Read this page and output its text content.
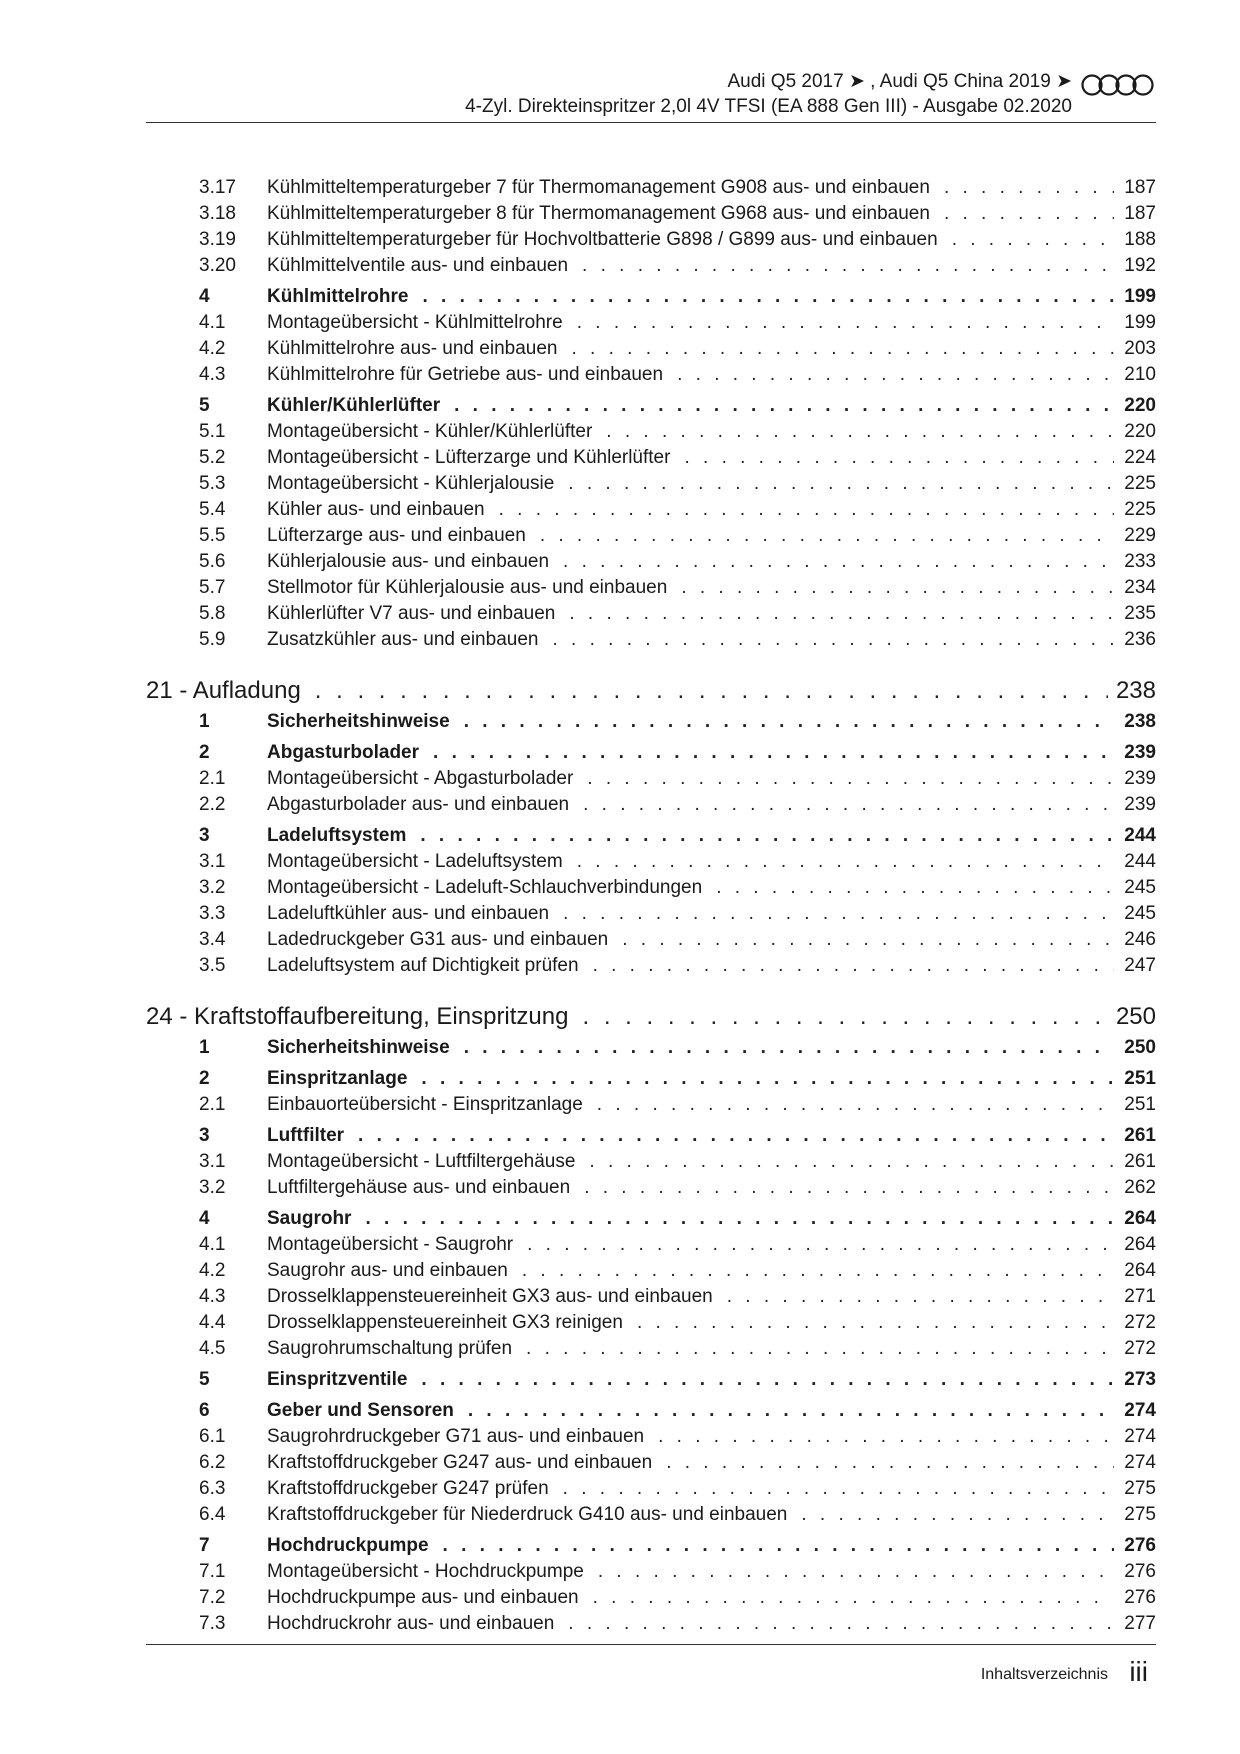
Audi Q5 2017 ➤ , Audi Q5 China 2019 ➤
4-Zyl. Direkteinspritzer 2,0l 4V TFSI (EA 888 Gen III) - Ausgabe 02.2020
3.17	Kühlmitteltemperaturgeber 7 für Thermomanagement G908 aus- und einbauen . . .	187
3.18	Kühlmitteltemperaturgeber 8 für Thermomanagement G968 aus- und einbauen . . .	187
3.19	Kühlmitteltemperaturgeber für Hochvoltbatterie G898 / G899 aus- und einbauen . . .	188
3.20	Kühlmittelventile aus- und einbauen . . .	192
4	Kühlmittelrohre . . .	199
4.1	Montageübersicht - Kühlmittelrohre . . .	199
4.2	Kühlmittelrohre aus- und einbauen . . .	203
4.3	Kühlmittelrohre für Getriebe aus- und einbauen . . .	210
5	Kühler/Kühlerlüfter . . .	220
5.1	Montageübersicht - Kühler/Kühlerlüfter . . .	220
5.2	Montageübersicht - Lüfterzarge und Kühlerlüfter . . .	224
5.3	Montageübersicht - Kühlerjalousie . . .	225
5.4	Kühler aus- und einbauen . . .	225
5.5	Lüfterzarge aus- und einbauen . . .	229
5.6	Kühlerjalousie aus- und einbauen . . .	233
5.7	Stellmotor für Kühlerjalousie aus- und einbauen . . .	234
5.8	Kühlerlüfter V7 aus- und einbauen . . .	235
5.9	Zusatzkühler aus- und einbauen . . .	236
21 - Aufladung . . .	238
1	Sicherheitshinweise . . .	238
2	Abgasturbolader . . .	239
2.1	Montageübersicht - Abgasturbolader . . .	239
2.2	Abgasturbolader aus- und einbauen . . .	239
3	Ladeluftsystem . . .	244
3.1	Montageübersicht - Ladeluftsystem . . .	244
3.2	Montageübersicht - Ladeluft-Schlauchverbindungen . . .	245
3.3	Ladeluftkühler aus- und einbauen . . .	245
3.4	Ladedruckgeber G31 aus- und einbauen . . .	246
3.5	Ladeluftsystem auf Dichtigkeit prüfen . . .	247
24 - Kraftstoffaufbereitung, Einspritzung . . .	250
1	Sicherheitshinweise . . .	250
2	Einspritzanlage . . .	251
2.1	Einbauorteübersicht - Einspritzanlage . . .	251
3	Luftfilter . . .	261
3.1	Montageübersicht - Luftfiltergehäuse . . .	261
3.2	Luftfiltergehäuse aus- und einbauen . . .	262
4	Saugrohr . . .	264
4.1	Montageübersicht - Saugrohr . . .	264
4.2	Saugrohr aus- und einbauen . . .	264
4.3	Drosselklappensteuereinheit GX3 aus- und einbauen . . .	271
4.4	Drosselklappensteuereinheit GX3 reinigen . . .	272
4.5	Saugrohrumschaltung prüfen . . .	272
5	Einspritzventile . . .	273
6	Geber und Sensoren . . .	274
6.1	Saugrohrdruckgeber G71 aus- und einbauen . . .	274
6.2	Kraftstoffdruckgeber G247 aus- und einbauen . . .	274
6.3	Kraftstoffdruckgeber G247 prüfen . . .	275
6.4	Kraftstoffdruckgeber für Niederdruck G410 aus- und einbauen . . .	275
7	Hochdruckpumpe . . .	276
7.1	Montageübersicht - Hochdruckpumpe . . .	276
7.2	Hochdruckpumpe aus- und einbauen . . .	276
7.3	Hochdruckrohr aus- und einbauen . . .	277
Inhaltsverzeichnis iii
